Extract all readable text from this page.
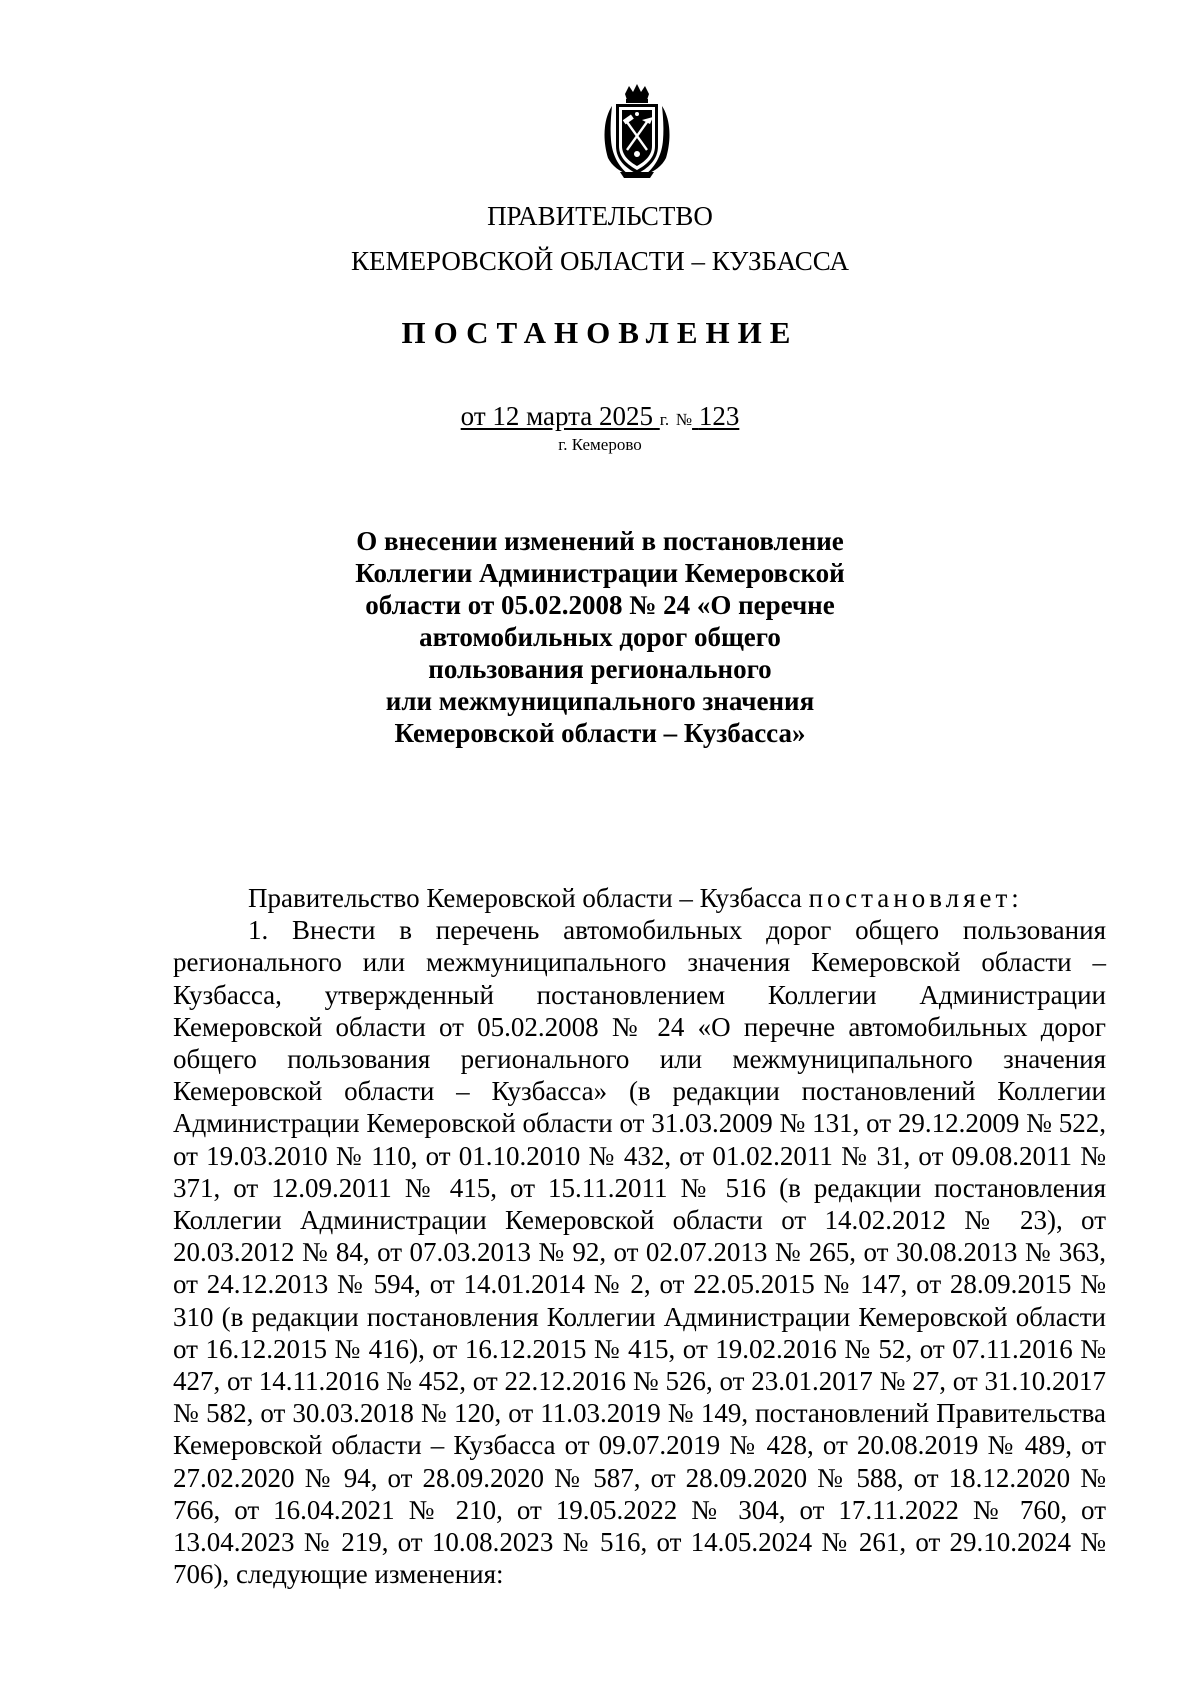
ПРАВИТЕЛЬСТВО
КЕМЕРОВСКОЙ ОБЛАСТИ – КУЗБАССА
ПОСТАНОВЛЕНИЕ
от 12 марта 2025 г. № 123
г. Кемерово
О внесении изменений в постановление
Коллегии Администрации Кемеровской
области от 05.02.2008 № 24 «О перечне
автомобильных дорог общего
пользования регионального
или межмуниципального значения
Кемеровской области – Кузбасса»
Правительство Кемеровской области – Кузбасса постановляет:
1. Внести в перечень автомобильных дорог общего пользования регионального или межмуниципального значения Кемеровской области – Кузбасса, утвержденный постановлением Коллегии Администрации Кемеровской области от 05.02.2008 № 24 «О перечне автомобильных дорог общего пользования регионального или межмуниципального значения Кемеровской области – Кузбасса» (в редакции постановлений Коллегии Администрации Кемеровской области от 31.03.2009 № 131, от 29.12.2009 № 522, от 19.03.2010 № 110, от 01.10.2010 № 432, от 01.02.2011 № 31, от 09.08.2011 № 371, от 12.09.2011 № 415, от 15.11.2011 № 516 (в редакции постановления Коллегии Администрации Кемеровской области от 14.02.2012 № 23), от 20.03.2012 № 84, от 07.03.2013 № 92, от 02.07.2013 № 265, от 30.08.2013 № 363, от 24.12.2013 № 594, от 14.01.2014 № 2, от 22.05.2015 № 147, от 28.09.2015 № 310 (в редакции постановления Коллегии Администрации Кемеровской области от 16.12.2015 № 416), от 16.12.2015 № 415, от 19.02.2016 № 52, от 07.11.2016 № 427, от 14.11.2016 № 452, от 22.12.2016 № 526, от 23.01.2017 № 27, от 31.10.2017 № 582, от 30.03.2018 № 120, от 11.03.2019 № 149, постановлений Правительства Кемеровской области – Кузбасса от 09.07.2019 № 428, от 20.08.2019 № 489, от 27.02.2020 № 94, от 28.09.2020 № 587, от 28.09.2020 № 588, от 18.12.2020 № 766, от 16.04.2021 № 210, от 19.05.2022 № 304, от 17.11.2022 № 760, от 13.04.2023 № 219, от 10.08.2023 № 516, от 14.05.2024 № 261, от 29.10.2024 № 706), следующие изменения:
